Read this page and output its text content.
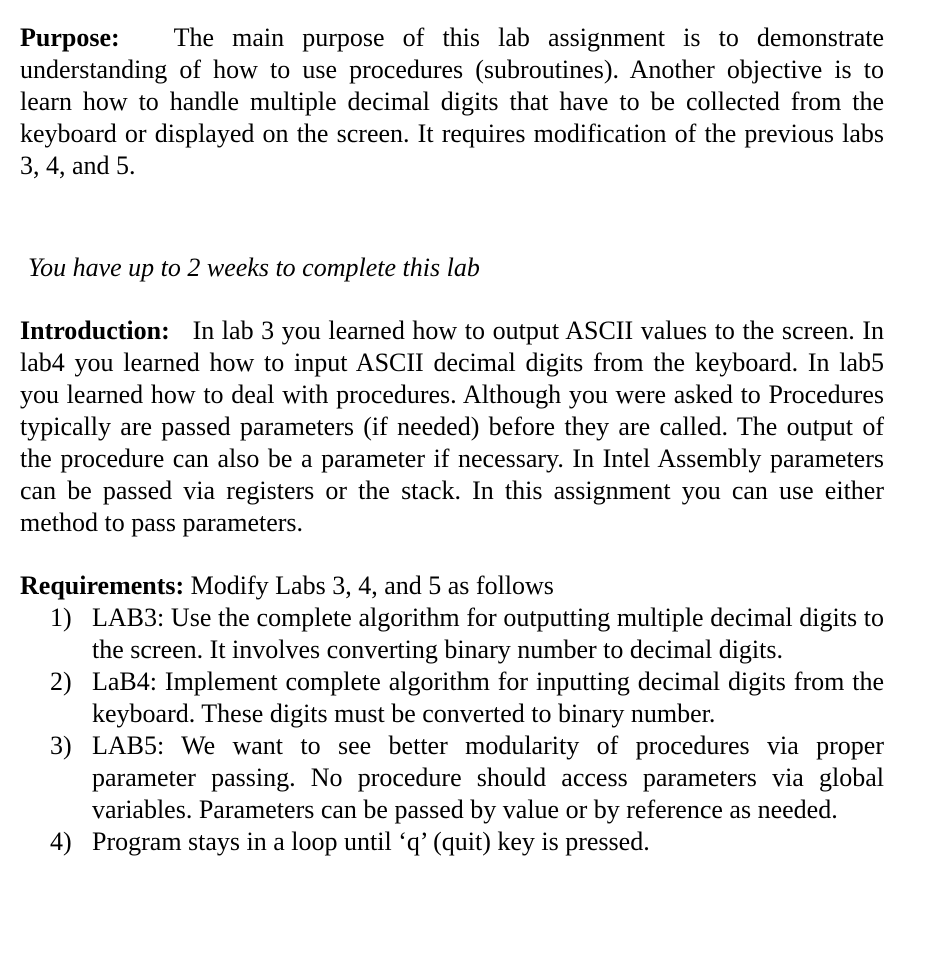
Purpose: The main purpose of this lab assignment is to demonstrate understanding of how to use procedures (subroutines). Another objective is to learn how to handle multiple decimal digits that have to be collected from the keyboard or displayed on the screen. It requires modification of the previous labs 3, 4, and 5.

You have up to 2 weeks to complete this lab

Introduction: In lab 3 you learned how to output ASCII values to the screen. In lab4 you learned how to input ASCII decimal digits from the keyboard. In lab5 you learned how to deal with procedures. Although you were asked to Procedures typically are passed parameters (if needed) before they are called. The output of the procedure can also be a parameter if necessary. In Intel Assembly parameters can be passed via registers or the stack. In this assignment you can use either method to pass parameters.

Requirements: Modify Labs 3, 4, and 5 as follows

1) LAB3: Use the complete algorithm for outputting multiple decimal digits to the screen. It involves converting binary number to decimal digits.
2) LaB4: Implement complete algorithm for inputting decimal digits from the keyboard. These digits must be converted to binary number.
3) LAB5: We want to see better modularity of procedures via proper parameter passing. No procedure should access parameters via global variables. Parameters can be passed by value or by reference as needed.
4) Program stays in a loop until ‘q’ (quit) key is pressed.
